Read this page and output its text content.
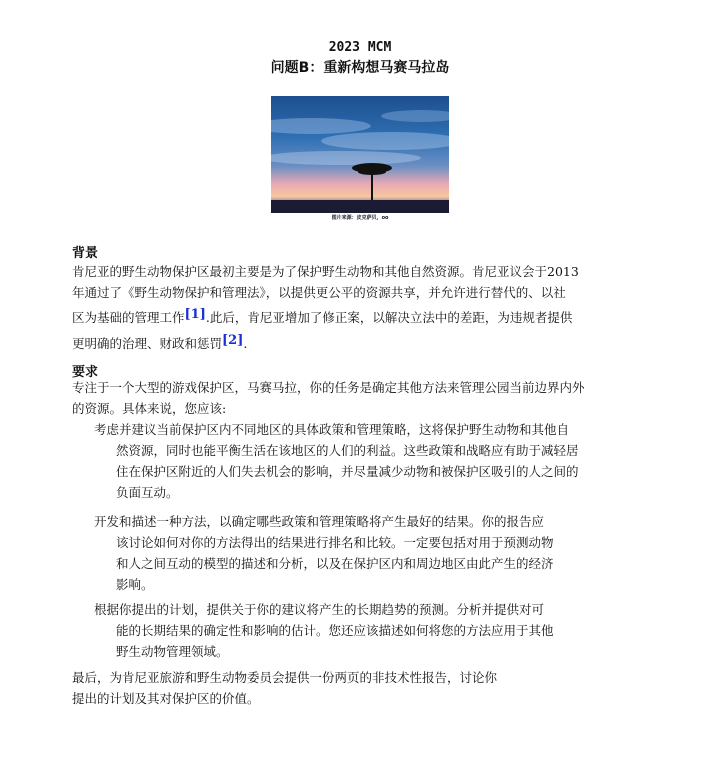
2023 MCM
问题B：重新构想马赛马拉岛
图片来源：皮克萨贝，oo
背景
肯尼亚的野生动物保护区最初主要是为了保护野生动物和其他自然资源。肯尼亚议会于2013
年通过了《野生动物保护和管理法》，以提供更公平的资源共享，并允许进行替代的、以社
区为基础的管理工作[1].此后，肯尼亚增加了修正案，以解决立法中的差距，为违规者提供
更明确的治理、财政和惩罚[2].
要求
专注于一个大型的游戏保护区，马赛马拉，你的任务是确定其他方法来管理公园当前边界内外
的资源。具体来说，您应该:
考虑并建议当前保护区内不同地区的具体政策和管理策略，这将保护野生动物和其他自
然资源，同时也能平衡生活在该地区的人们的利益。这些政策和战略应有助于减轻居
住在保护区附近的人们失去机会的影响，并尽量减少动物和被保护区吸引的人之间的
负面互动。
开发和描述一种方法，以确定哪些政策和管理策略将产生最好的结果。你的报告应
该讨论如何对你的方法得出的结果进行排名和比较。一定要包括对用于预测动物
和人之间互动的模型的描述和分析，以及在保护区内和周边地区由此产生的经济
影响。
根据你提出的计划，提供关于你的建议将产生的长期趋势的预测。分析并提供对可
能的长期结果的确定性和影响的估计。您还应该描述如何将您的方法应用于其他
野生动物管理领域。
最后，为肯尼亚旅游和野生动物委员会提供一份两页的非技术性报告，讨论你
提出的计划及其对保护区的价值。
